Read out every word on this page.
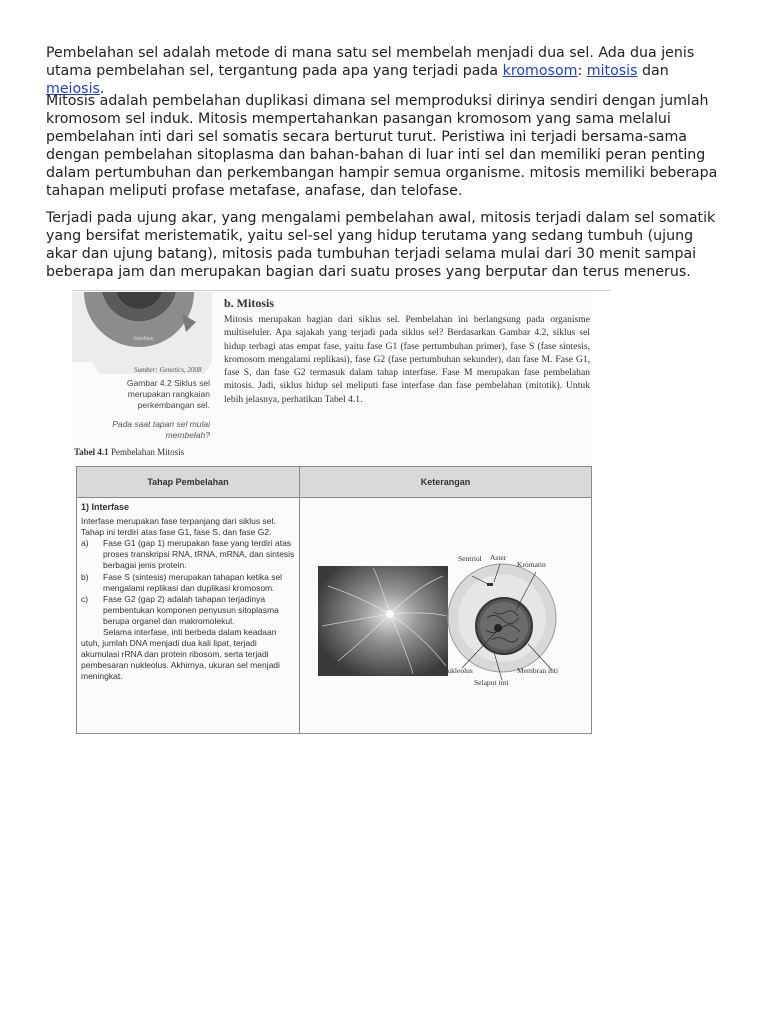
Pembelahan sel adalah metode di mana satu sel membelah menjadi dua sel. Ada dua jenis utama pembelahan sel, tergantung pada apa yang terjadi pada kromosom: mitosis dan meiosis.

Mitosis adalah pembelahan duplikasi dimana sel memproduksi dirinya sendiri dengan jumlah kromosom sel induk. Mitosis mempertahankan pasangan kromosom yang sama melalui pembelahan inti dari sel somatis secara berturut turut. Peristiwa ini terjadi bersama-sama dengan pembelahan sitoplasma dan bahan-bahan di luar inti sel dan memiliki peran penting dalam pertumbuhan dan perkembangan hampir semua organisme. mitosis memiliki beberapa tahapan meliputi profase metafase, anafase, dan telofase.

Terjadi pada ujung akar, yang mengalami pembelahan awal, mitosis terjadi dalam sel somatik yang bersifat meristematik, yaitu sel-sel yang hidup terutama yang sedang tumbuh (ujung akar dan ujung batang), mitosis pada tumbuhan terjadi selama mulai dari 30 menit sampai beberapa jam dan merupakan bagian dari suatu proses yang berputar dan terus menerus.

Interfase
Sumber: Genetics, 2008
Gambar 4.2 Siklus sel merupakan rangkaian perkembangan sel.
Pada saat tapan sel mulai membelah?
b. Mitosis

Mitosis merupakan bagian dari siklus sel. Pembelahan ini berlangsung pada organisme multiseluler. Apa sajakah yang terjadi pada siklus sel? Berdasarkan Gambar 4.2, siklus sel hidup terbagi atas empat fase, yaitu fase G1 (fase pertumbuhan primer), fase S (fase sintesis, kromosom mengalami replikasi), fase G2 (fase pertumbuhan sekunder), dan fase M. Fase G1, fase S, dan fase G2 termasuk dalam tahap interfase. Fase M merupakan fase pembelahan mitosis. Jadi, siklus hidup sel meliputi fase interfase dan fase pembelahan (mitotik). Untuk lebih jelasnya, perhatikan Tabel 4.1.

Tabel 4.1 Pembelahan Mitosis
Tahap Pembelahan	Keterangan
1) Interfase

Interfase merupakan fase terpanjang dari siklus sel. Tahap ini terdiri atas fase G1, fase S, dan fase G2.

a)	Fase G1 (gap 1) merupakan fase yang terdiri atas proses transkripsi RNA, tRNA, mRNA, dan sintesis berbagai jenis protein.
b)	Fase S (sintesis) merupakan tahapan ketika sel mengalami replikasi dan duplikasi kromosom.
c)	Fase G2 (gap 2) adalah tahapan terjadinya pembentukan komponen penyusun sitoplasma berupa organel dan makromolekul.

Selama interfase, inti berbeda dalam keadaan utuh, jumlah DNA menjadi dua kali lipat, terjadi akumulasi rRNA dan protein ribosom, serta terjadi pembesaran nukleolus. Akhirnya, ukuran sel menjadi meningkat.

Sentriol Aster
Kromatin
Nukleolus	Membran inti
Selaput inti
